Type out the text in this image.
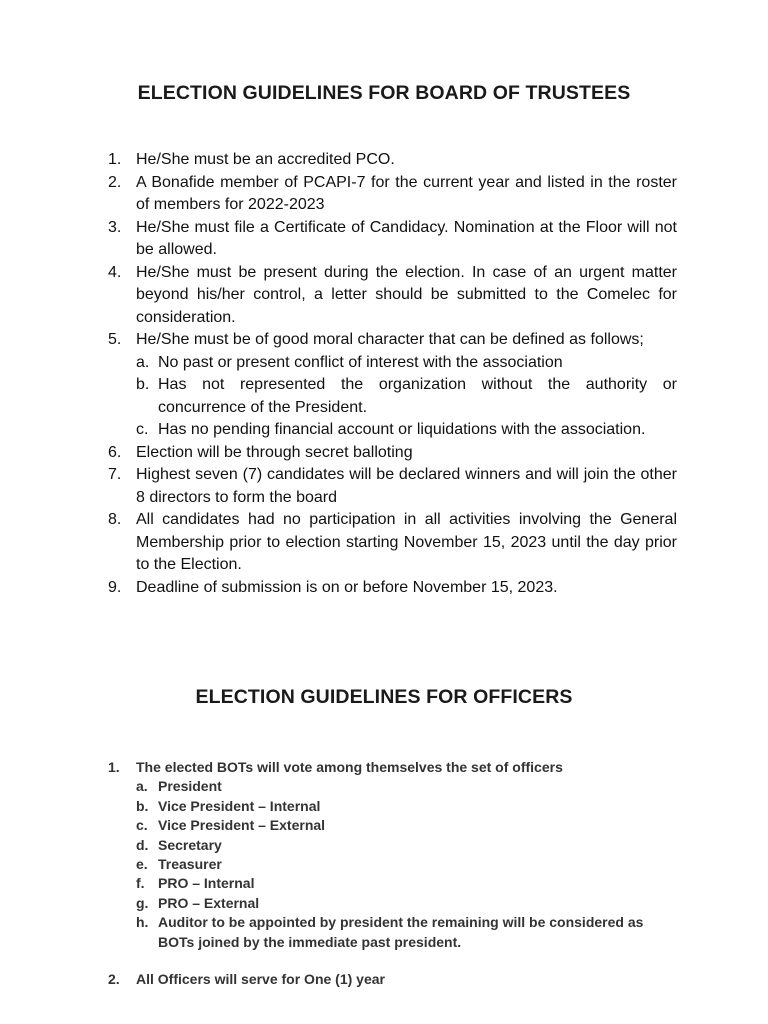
ELECTION GUIDELINES FOR BOARD OF TRUSTEES
1. He/She must be an accredited PCO.
2. A Bonafide member of PCAPI-7 for the current year and listed in the roster of members for 2022-2023
3. He/She must file a Certificate of Candidacy. Nomination at the Floor will not be allowed.
4. He/She must be present during the election. In case of an urgent matter beyond his/her control, a letter should be submitted to the Comelec for consideration.
5. He/She must be of good moral character that can be defined as follows;
a. No past or present conflict of interest with the association
b. Has not represented the organization without the authority or concurrence of the President.
c. Has no pending financial account or liquidations with the association.
6. Election will be through secret balloting
7. Highest seven (7) candidates will be declared winners and will join the other 8 directors to form the board
8. All candidates had no participation in all activities involving the General Membership prior to election starting November 15, 2023 until the day prior to the Election.
9. Deadline of submission is on or before November 15, 2023.
ELECTION GUIDELINES FOR OFFICERS
1.	The elected BOTs will vote among themselves the set of officers
a. President
b. Vice President – Internal
c. Vice President – External
d. Secretary
e. Treasurer
f. PRO – Internal
g. PRO – External
h. Auditor to be appointed by president the remaining will be considered as BOTs joined by the immediate past president.
2.	All Officers will serve for One (1) year
